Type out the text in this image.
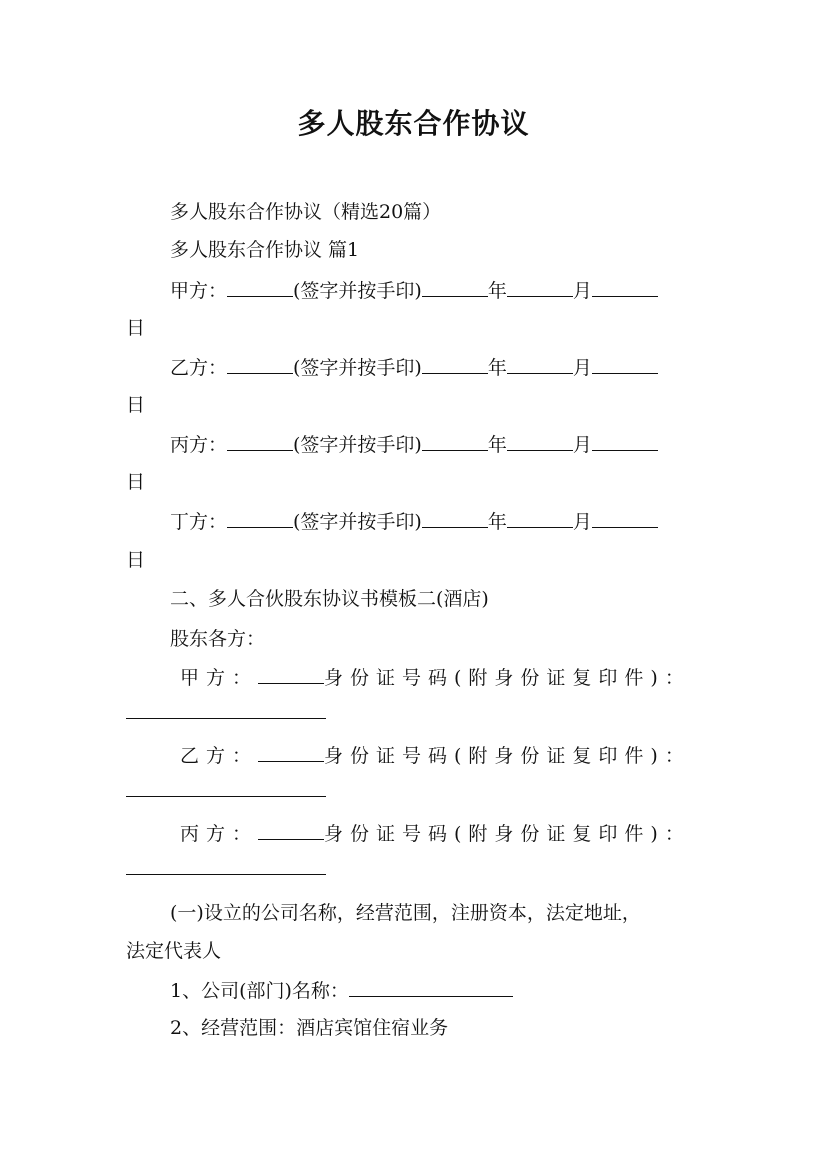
多人股东合作协议
多人股东合作协议（精选20篇）
多人股东合作协议 篇1
甲方：	(签字并按手印)	年	月
日
乙方：	(签字并按手印)	年	月
日
丙方：	(签字并按手印)	年	月
日
丁方：	(签字并按手印)	年	月
日
二、多人合伙股东协议书模板二(酒店)
股东各方：
甲方：	身份证号码(附身份证复印件)：
乙方：	身份证号码(附身份证复印件)：
丙方：	身份证号码(附身份证复印件)：
(一)设立的公司名称，经营范围，注册资本，法定地址，
法定代表人
1、公司(部门)名称：
2、经营范围：酒店宾馆住宿业务
